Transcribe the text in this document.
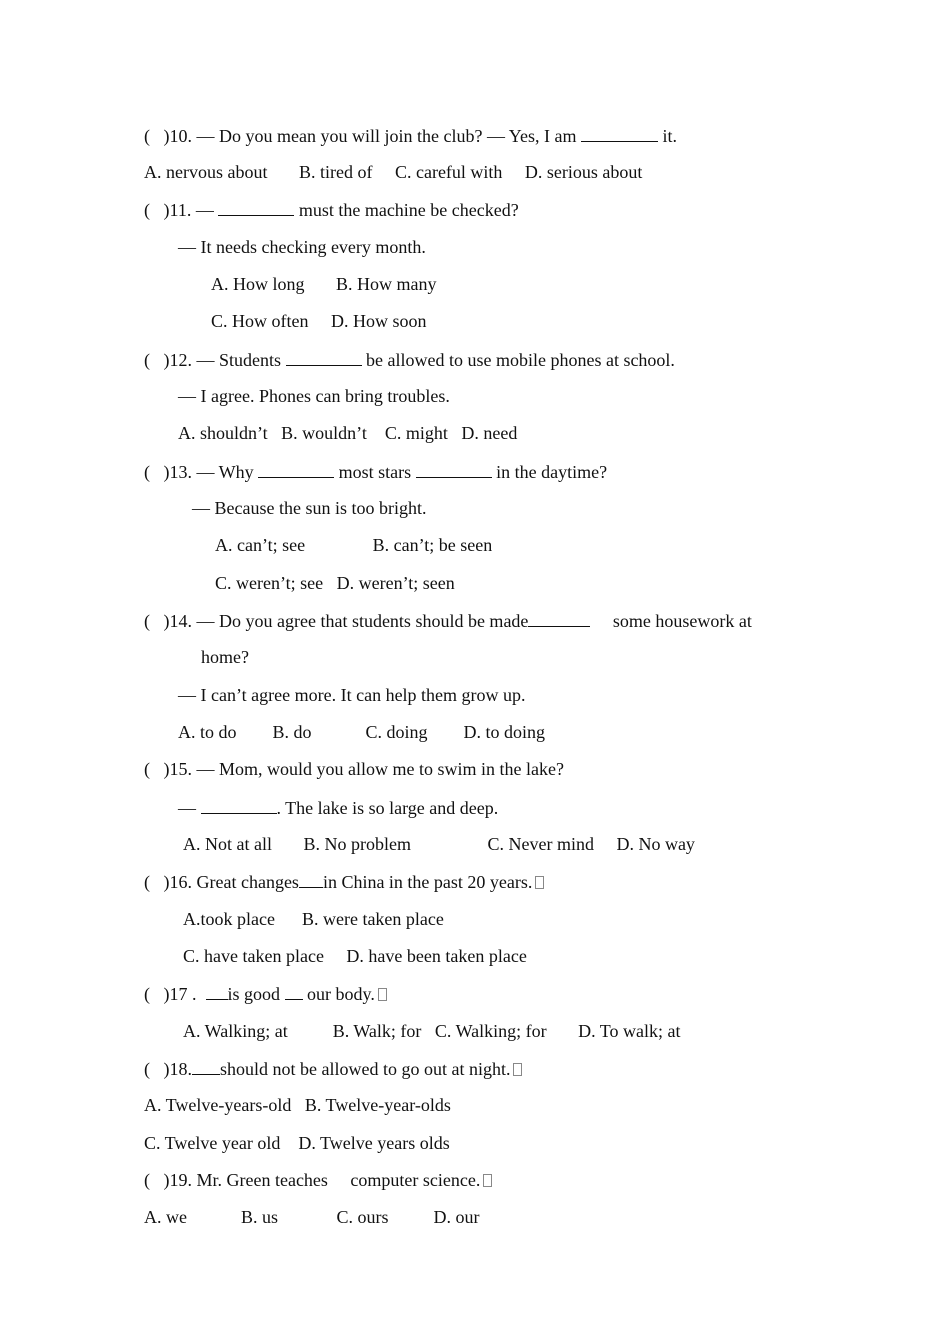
(   )10. — Do you mean you will join the club? — Yes, I am	it.
A. nervous about       B. tired of     C. careful with     D. serious about
(   )11. —	must the machine be checked?
— It needs checking every month.
A. How long       B. How many
C. How often     D. How soon
(   )12. — Students	be allowed to use mobile phones at school.
— I agree. Phones can bring troubles.
A. shouldn’t   B. wouldn’t    C. might   D. need
(   )13. — Why	most stars	in the daytime?
— Because the sun is too bright.
A. can’t; see               B. can’t; be seen
C. weren’t; see   D. weren’t; seen
(   )14. — Do you agree that students should be made	some housework at
home?
— I can’t agree more. It can help them grow up.
A. to do        B. do            C. doing        D. to doing
(   )15. — Mom, would you allow me to swim in the lake?
—	. The lake is so large and deep.
A. Not at all       B. No problem                 C. Never mind     D. No way
(   )16. Great changes in China in the past 20 years.
A.took place      B. were taken place
C. have taken place     D. have been taken place
(   )17 .  is good  our body.
A. Walking; at          B. Walk; for   C. Walking; for       D. To walk; at
(   )18. should not be allowed to go out at night.
A. Twelve-years-old   B. Twelve-year-olds
C. Twelve year old    D. Twelve years olds
(   )19. Mr. Green teaches     computer science.
A. we            B. us             C. ours          D. our
